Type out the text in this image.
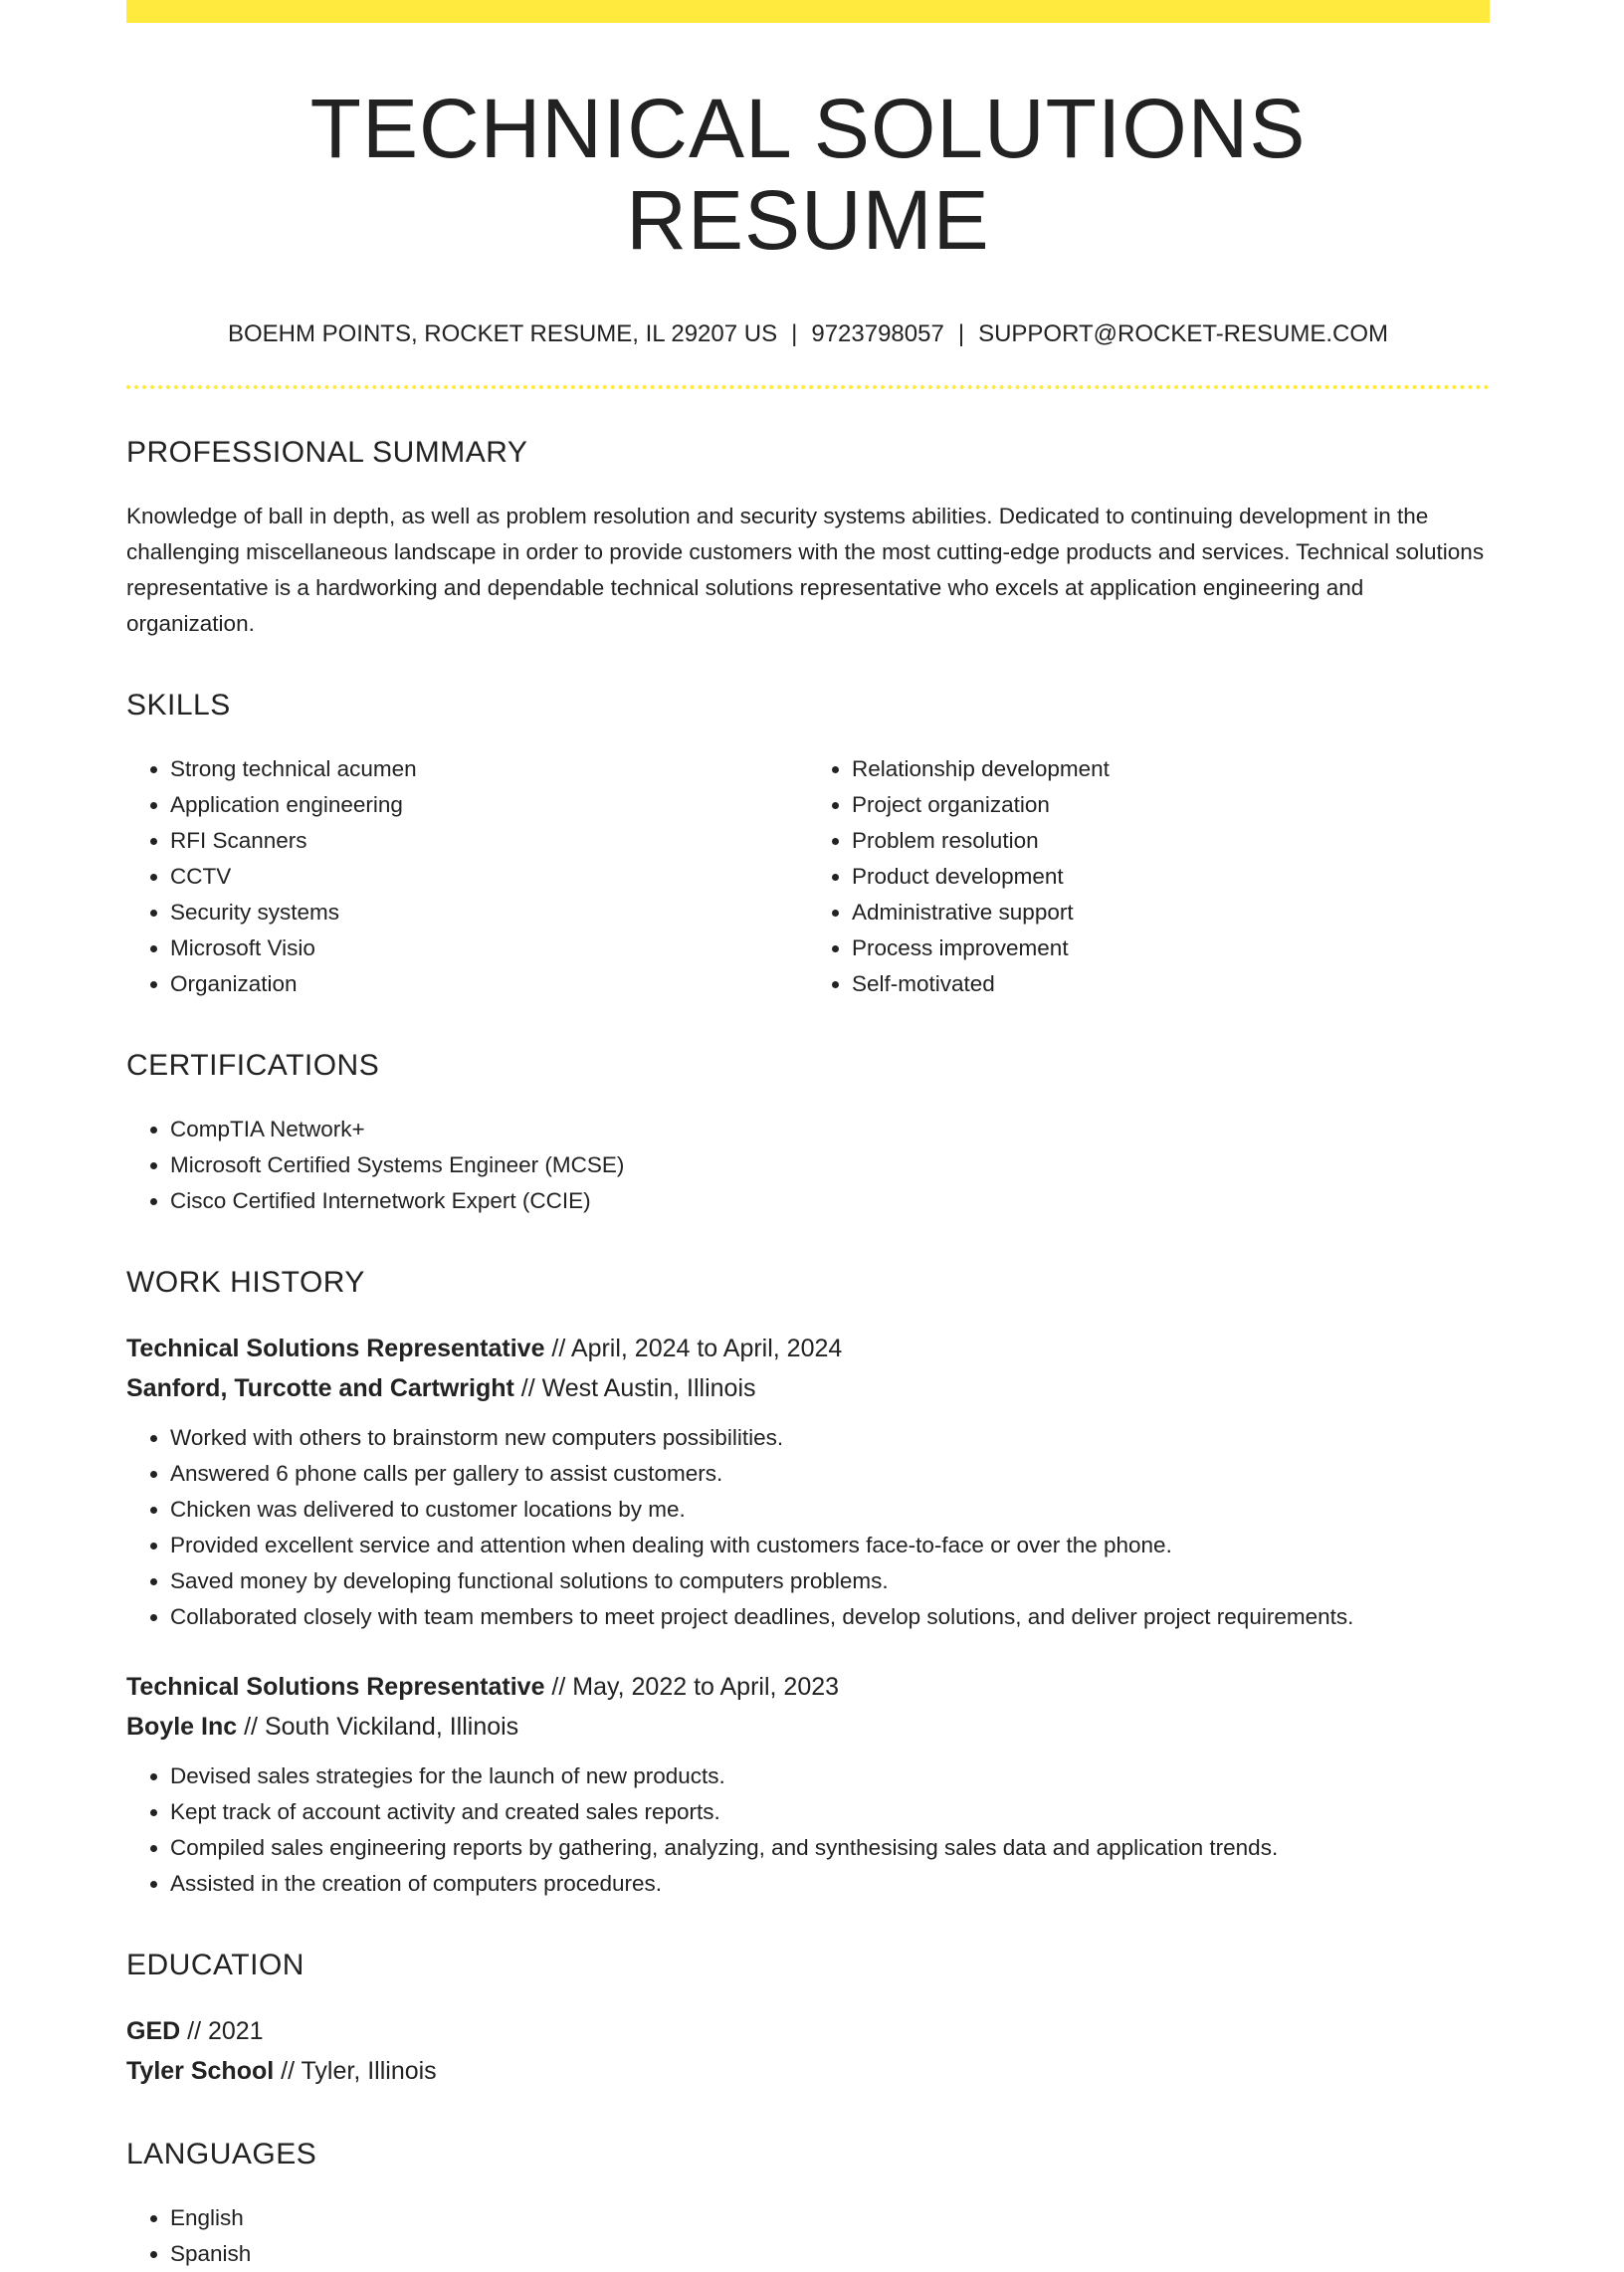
TECHNICAL SOLUTIONS RESUME
BOEHM POINTS, ROCKET RESUME, IL 29207 US | 9723798057 | SUPPORT@ROCKET-RESUME.COM
PROFESSIONAL SUMMARY

Knowledge of ball in depth, as well as problem resolution and security systems abilities. Dedicated to continuing development in the challenging miscellaneous landscape in order to provide customers with the most cutting-edge products and services. Technical solutions representative is a hardworking and dependable technical solutions representative who excels at application engineering and organization.

SKILLS
• Strong technical acumen
• Application engineering
• RFI Scanners
• CCTV
• Security systems
• Microsoft Visio
• Organization
• Relationship development
• Project organization
• Problem resolution
• Product development
• Administrative support
• Process improvement
• Self-motivated
CERTIFICATIONS
• CompTIA Network+
• Microsoft Certified Systems Engineer (MCSE)
• Cisco Certified Internetwork Expert (CCIE)
WORK HISTORY
Technical Solutions Representative // April, 2024 to April, 2024
Sanford, Turcotte and Cartwright // West Austin, Illinois
• Worked with others to brainstorm new computers possibilities.
• Answered 6 phone calls per gallery to assist customers.
• Chicken was delivered to customer locations by me.
• Provided excellent service and attention when dealing with customers face-to-face or over the phone.
• Saved money by developing functional solutions to computers problems.
• Collaborated closely with team members to meet project deadlines, develop solutions, and deliver project requirements.
Technical Solutions Representative // May, 2022 to April, 2023
Boyle Inc // South Vickiland, Illinois
• Devised sales strategies for the launch of new products.
• Kept track of account activity and created sales reports.
• Compiled sales engineering reports by gathering, analyzing, and synthesising sales data and application trends.
• Assisted in the creation of computers procedures.
EDUCATION
GED // 2021
Tyler School // Tyler, Illinois
LANGUAGES
• English
• Spanish
